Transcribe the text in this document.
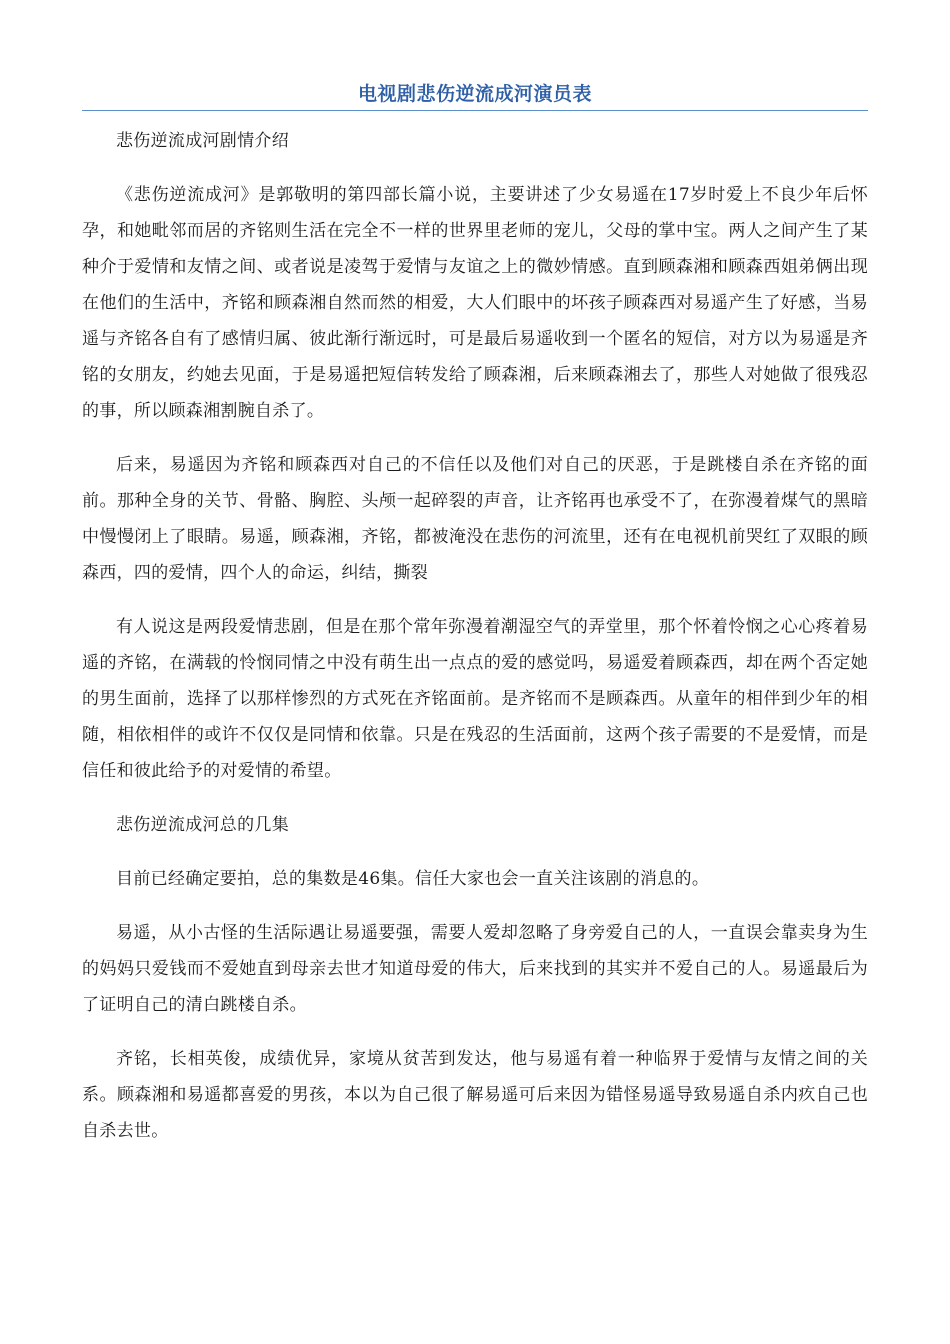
电视剧悲伤逆流成河演员表

悲伤逆流成河剧情介绍

《悲伤逆流成河》是郭敬明的第四部长篇小说，主要讲述了少女易遥在17岁时爱上不良少年后怀孕，和她毗邻而居的齐铭则生活在完全不一样的世界里老师的宠儿，父母的掌中宝。两人之间产生了某种介于爱情和友情之间、或者说是凌驾于爱情与友谊之上的微妙情感。直到顾森湘和顾森西姐弟俩出现在他们的生活中，齐铭和顾森湘自然而然的相爱，大人们眼中的坏孩子顾森西对易遥产生了好感，当易遥与齐铭各自有了感情归属、彼此渐行渐远时，可是最后易遥收到一个匿名的短信，对方以为易遥是齐铭的女朋友，约她去见面，于是易遥把短信转发给了顾森湘，后来顾森湘去了，那些人对她做了很残忍的事，所以顾森湘割腕自杀了。

后来，易遥因为齐铭和顾森西对自己的不信任以及他们对自己的厌恶，于是跳楼自杀在齐铭的面前。那种全身的关节、骨骼、胸腔、头颅一起碎裂的声音，让齐铭再也承受不了，在弥漫着煤气的黑暗中慢慢闭上了眼睛。易遥，顾森湘，齐铭，都被淹没在悲伤的河流里，还有在电视机前哭红了双眼的顾森西，四的爱情，四个人的命运，纠结，撕裂

有人说这是两段爱情悲剧，但是在那个常年弥漫着潮湿空气的弄堂里，那个怀着怜悯之心心疼着易遥的齐铭，在满载的怜悯同情之中没有萌生出一点点的爱的感觉吗，易遥爱着顾森西，却在两个否定她的男生面前，选择了以那样惨烈的方式死在齐铭面前。是齐铭而不是顾森西。从童年的相伴到少年的相随，相依相伴的或许不仅仅是同情和依靠。只是在残忍的生活面前，这两个孩子需要的不是爱情，而是信任和彼此给予的对爱情的希望。

悲伤逆流成河总的几集

目前已经确定要拍，总的集数是46集。信任大家也会一直关注该剧的消息的。

易遥，从小古怪的生活际遇让易遥要强，需要人爱却忽略了身旁爱自己的人，一直误会靠卖身为生的妈妈只爱钱而不爱她直到母亲去世才知道母爱的伟大，后来找到的其实并不爱自己的人。易遥最后为了证明自己的清白跳楼自杀。

齐铭，长相英俊，成绩优异，家境从贫苦到发达，他与易遥有着一种临界于爱情与友情之间的关系。顾森湘和易遥都喜爱的男孩，本以为自己很了解易遥可后来因为错怪易遥导致易遥自杀内疚自己也自杀去世。
